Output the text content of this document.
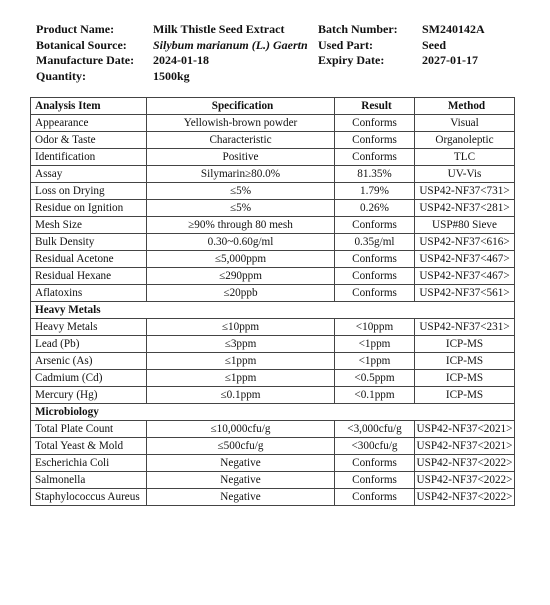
Product Name:	Milk Thistle Seed Extract	Batch Number:	SM240142A
Botanical Source:	Silybum marianum (L.) Gaertn Used Part:	Seed
Manufacture Date:	2024-01-18	Expiry Date:	2027-01-17
Quantity:	1500kg
Analysis Item	Specification	Result	Method
Appearance	Yellowish-brown powder	Conforms	Visual
Odor & Taste	Characteristic	Conforms	Organoleptic
Identification	Positive	Conforms	TLC
Assay	Silymarin≥80.0%	81.35%	UV-Vis
Loss on Drying	≤5%	1.79%	USP42-NF37<731>
Residue on Ignition	≤5%	0.26%	USP42-NF37<281>
Mesh Size	≥90% through 80 mesh	Conforms	USP#80 Sieve
Bulk Density	0.30~0.60g/ml	0.35g/ml	USP42-NF37<616>
Residual Acetone	≤5,000ppm	Conforms	USP42-NF37<467>
Residual Hexane	≤290ppm	Conforms	USP42-NF37<467>
Aflatoxins	≤20ppb	Conforms	USP42-NF37<561>
Heavy Metals			
Heavy Metals	≤10ppm	<10ppm	USP42-NF37<231>
Lead (Pb)	≤3ppm	<1ppm	ICP-MS
Arsenic (As)	≤1ppm	<1ppm	ICP-MS
Cadmium (Cd)	≤1ppm	<0.5ppm	ICP-MS
Mercury (Hg)	≤0.1ppm	<0.1ppm	ICP-MS
Microbiology			
Total Plate Count	≤10,000cfu/g	<3,000cfu/g	USP42-NF37<2021>
Total Yeast & Mold	≤500cfu/g	<300cfu/g	USP42-NF37<2021>
Escherichia Coli	Negative	Conforms	USP42-NF37<2022>
Salmonella	Negative	Conforms	USP42-NF37<2022>
Staphylococcus Aureus	Negative	Conforms	USP42-NF37<2022>
